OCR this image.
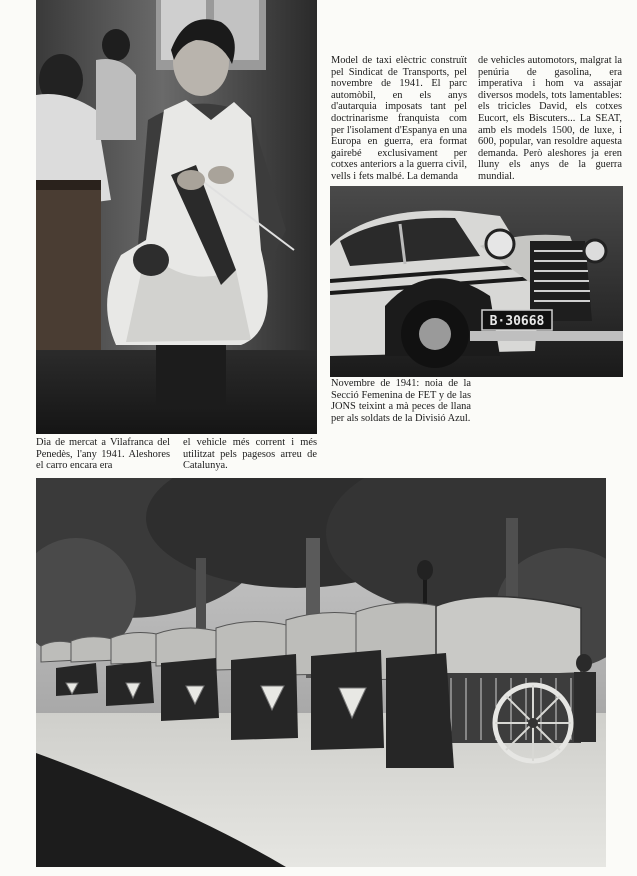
Model de taxi elèctric construït pel Sindicat de Transports, pel novembre de 1941. El parc automòbil, en els anys d'autarquia imposats tant pel doctrinarisme franquista com per l'isolament d'Espanya en una Europa en guerra, era format gairebé exclusivament per cotxes anteriors a la guerra civil, vells i fets malbé. La demanda

de vehicles automotors, malgrat la penúria de gasolina, era imperativa i hom va assajar diversos models, tots lamentables: els tricicles David, els cotxes Eucort, els Biscuters... La SEAT, amb els models 1500, de luxe, i 600, popular, van resoldre aquesta demanda. Però aleshores ja eren lluny els anys de la guerra mundial.

B·30668

Novembre de 1941: noia de la Secció Femenina de FET y de las JONS teixint a mà peces de llana per als soldats de la Divisió Azul.

Dia de mercat a Vilafranca del Penedès, l'any 1941. Aleshores el carro encara era

el vehicle més corrent i més utilitzat pels pagesos arreu de Catalunya.
